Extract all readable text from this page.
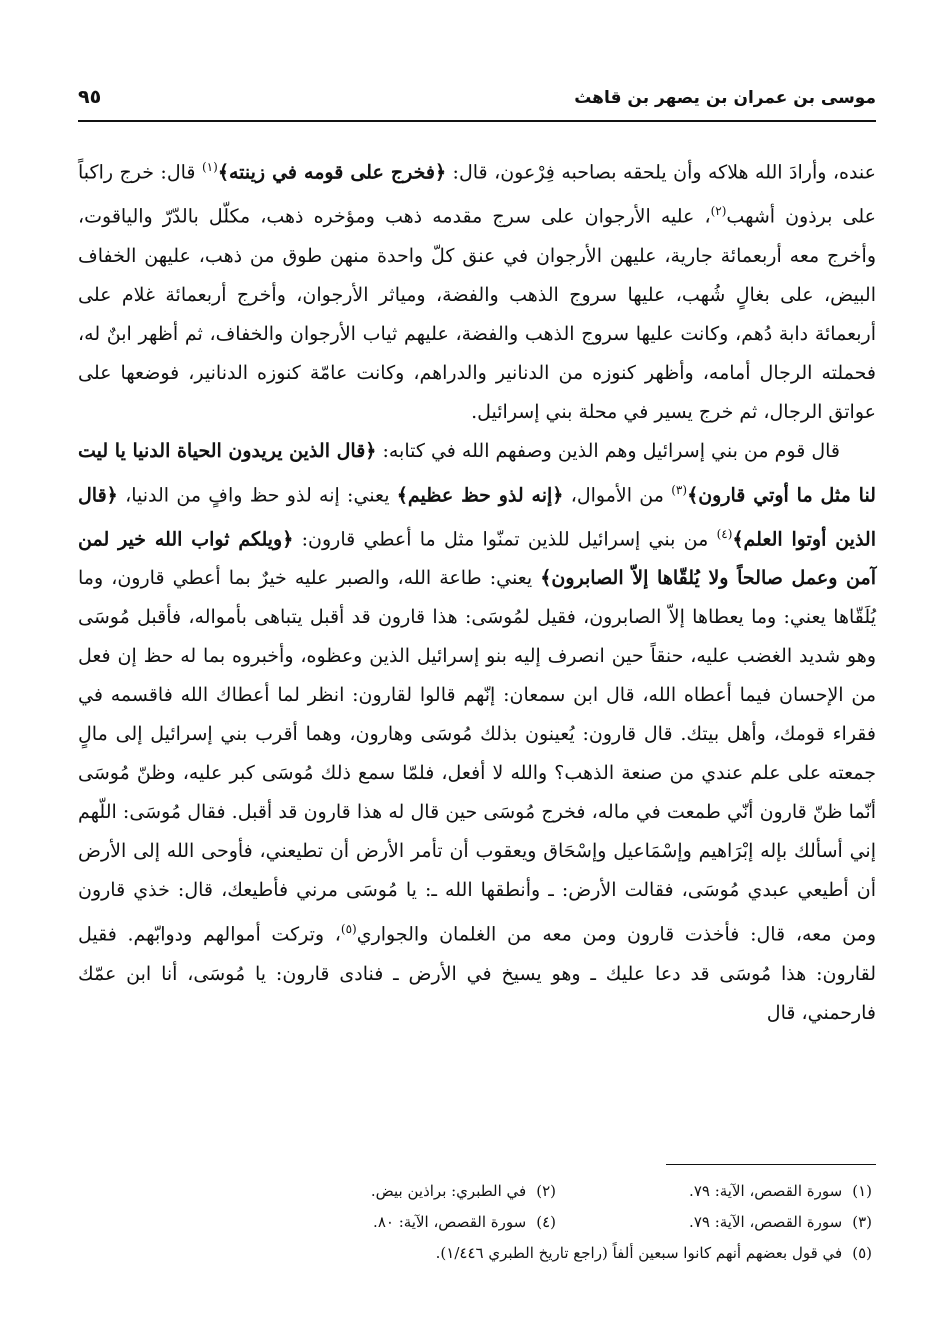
موسى بن عمران بن يصهر بن قاهث
٩٥

عنده، وأرادَ الله هلاكه وأن يلحقه بصاحبه فِرْعون، قال: ﴿فخرج على قومه في زينته﴾$^{(١)}$ قال: خرج راكباً على برذون أشهب$^{(٢)}$، عليه الأرجوان على سرج مقدمه ذهب ومؤخره ذهب، مكلّل بالدّرّ والياقوت، وأخرج معه أربعمائة جارية، عليهن الأرجوان في عنق كلّ واحدة منهن طوق من ذهب، عليهن الخفاف البيض، على بغالٍ شُهب، عليها سروج الذهب والفضة، ومياثر الأرجوان، وأخرج أربعمائة غلام على أربعمائة دابة دُهم، وكانت عليها سروج الذهب والفضة، عليهم ثياب الأرجوان والخفاف، ثم أظهر ابنٌ له، فحملته الرجال أمامه، وأظهر كنوزه من الدنانير والدراهم، وكانت عامّة كنوزه الدنانير، فوضعها على عواتق الرجال، ثم خرج يسير في محلة بني إسرائيل.

قال قوم من بني إسرائيل وهم الذين وصفهم الله في كتابه: ﴿قال الذين يريدون الحياة الدنيا يا ليت لنا مثل ما أوتي قارون﴾$^{(٣)}$ من الأموال، ﴿إنه لذو حظ عظيم﴾ يعني: إنه لذو حظ وافٍ من الدنيا، ﴿قال الذين أوتوا العلم﴾$^{(٤)}$ من بني إسرائيل للذين تمنّوا مثل ما أعطي قارون: ﴿ويلكم ثواب الله خير لمن آمن وعمل صالحاً ولا يُلقّاها إلاّ الصابرون﴾ يعني: طاعة الله، والصبر عليه خيرٌ بما أعطي قارون، وما يُلَقّاها يعني: وما يعطاها إلاّ الصابرون، فقيل لمُوسَى: هذا قارون قد أقبل يتباهى بأمواله، فأقبل مُوسَى وهو شديد الغضب عليه، حنقاً حين انصرف إليه بنو إسرائيل الذين وعظوه، وأخبروه بما له حظ إن فعل من الإحسان فيما أعطاه الله، قال ابن سمعان: إنّهم قالوا لقارون: انظر لما أعطاك الله فاقسمه في فقراء قومك، وأهل بيتك. قال قارون: يُعينون بذلك مُوسَى وهارون، وهما أقرب بني إسرائيل إلى مالٍ جمعته على علم عندي من صنعة الذهب؟ والله لا أفعل، فلمّا سمع ذلك مُوسَى كبر عليه، وظنّ مُوسَى أنّما ظنّ قارون أنّي طمعت في ماله، فخرج مُوسَى حين قال له هذا قارون قد أقبل. فقال مُوسَى: اللّهم إني أسألك بإله إبْرَاهيم وإسْمَاعيل وإسْحَاق ويعقوب أن تأمر الأرض أن تطيعني، فأوحى الله إلى الأرض أن أطيعي عبدي مُوسَى، فقالت الأرض: ـ وأنطقها الله ـ: يا مُوسَى مرني فأطيعك، قال: خذي قارون ومن معه، قال: فأخذت قارون ومن معه من الغلمان والجواري$^{(٥)}$، وتركت أموالهم ودوابّهم. فقيل لقارون: هذا مُوسَى قد دعا عليك ـ وهو يسيخ في الأرض ـ فنادى قارون: يا مُوسَى، أنا ابن عمّك فارحمني، قال

(١)سورة القصص، الآية: ٧٩.
(٢)في الطبري: براذين بيض.
(٣)سورة القصص، الآية: ٧٩.
(٤)سورة القصص، الآية: ٨٠.
(٥)في قول بعضهم أنهم كانوا سبعين ألفاً (راجع تاريخ الطبري ١/٤٤٦).
